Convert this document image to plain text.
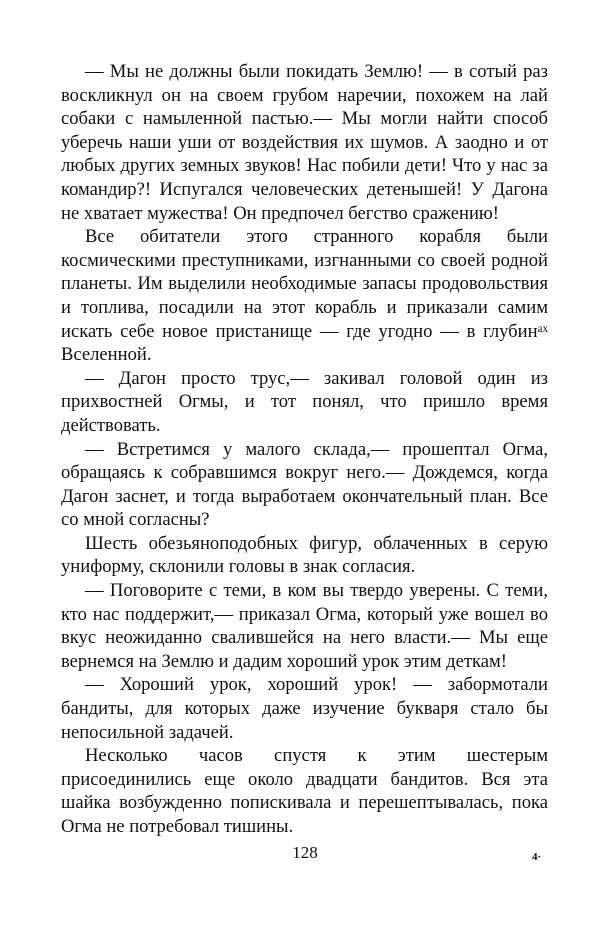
— Мы не должны были покидать Землю! — в сотый раз воскликнул он на своем грубом наречии, похожем на лай собаки с намыленной пастью.— Мы могли найти способ уберечь наши уши от воздействия их шумов. А заодно и от любых других земных звуков! Нас побили дети! Что у нас за командир?! Испугался человеческих детенышей! У Дагона не хватает мужества! Он предпочел бегство сражению!

Все обитатели этого странного корабля были космическими преступниками, изгнанными со своей родной планеты. Им выделили необходимые запасы продовольствия и топлива, посадили на этот корабль и приказали самим искать себе новое пристанище — где угодно — в глубинᵃˣ Вселенной.

— Дагон просто трус,— закивал головой один из прихвостней Огмы, и тот понял, что пришло время действовать.

— Встретимся у малого склада,— прошептал Огма, обращаясь к собравшимся вокруг него.— Дождемся, когда Дагон заснет, и тогда выработаем окончательный план. Все со мной согласны?

Шесть обезьяноподобных фигур, облаченных в серую униформу, склонили головы в знак согласия.

— Поговорите с теми, в ком вы твердо уверены. С теми, кто нас поддержит,— приказал Огма, который уже вошел во вкус неожиданно свалившейся на него власти.— Мы еще вернемся на Землю и дадим хороший урок этим деткам!

— Хороший урок, хороший урок! — забормотали бандиты, для которых даже изучение букваря стало бы непосильной задачей.

Несколько часов спустя к этим шестерым присоединились еще около двадцати бандитов. Вся эта шайка возбужденно попискивала и перешептывалась, пока Огма не потребовал тишины.

128	4·
